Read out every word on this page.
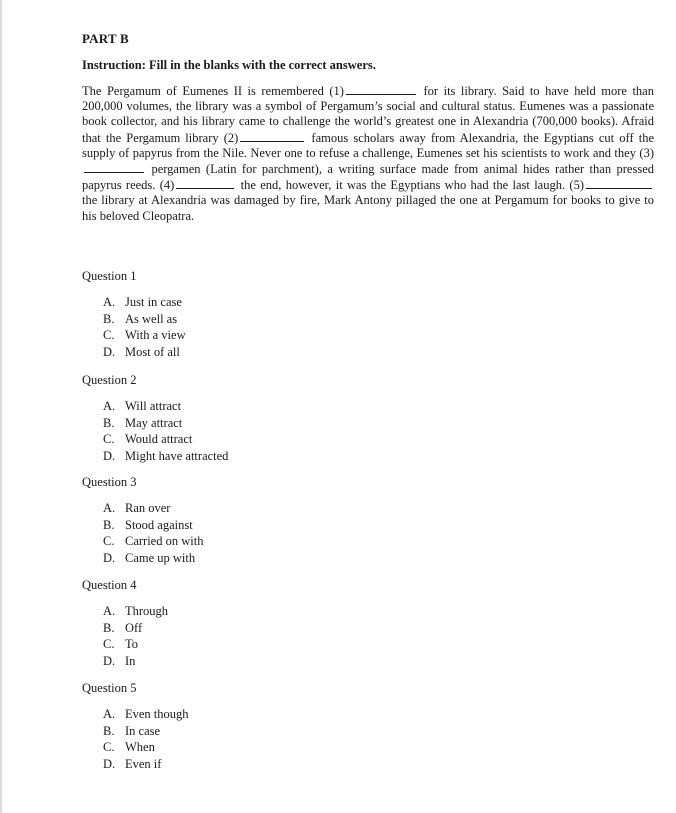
PART B
Instruction: Fill in the blanks with the correct answers.

The Pergamum of Eumenes II is remembered (1)	for its library. Said to have held more than 200,000 volumes, the library was a symbol of Pergamum’s social and cultural status. Eumenes was a passionate book collector, and his library came to challenge the world’s greatest one in Alexandria (700,000 books). Afraid that the Pergamum library (2)	famous scholars away from Alexandria, the Egyptians cut off the supply of papyrus from the Nile. Never one to refuse a challenge, Eumenes set his scientists to work and they (3) pergamen (Latin for parchment), a writing surface made from animal hides rather than pressed papyrus reeds. (4)	the end, however, it was the Egyptians who had the last laugh. (5) the library at Alexandria was damaged by fire, Mark Antony pillaged the one at Pergamum for books to give to his beloved Cleopatra.

Question 1
A. Just in case
B. As well as
C. With a view
D. Most of all
Question 2
A. Will attract
B. May attract
C. Would attract
D. Might have attracted
Question 3
A. Ran over
B. Stood against
C. Carried on with
D. Came up with
Question 4
A. Through
B. Off
C. To
D. In
Question 5
A. Even though
B. In case
C. When
D. Even if
